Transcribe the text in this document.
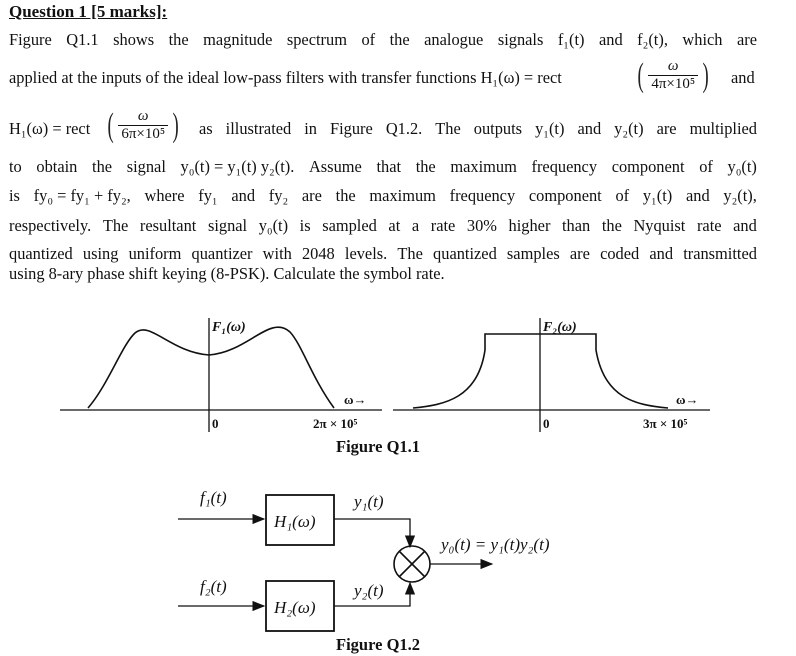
Question 1 [5 marks]:
Figure Q1.1 shows the magnitude spectrum of the analogue signals f₁(t) and f₂(t), which are
applied at the inputs of the ideal low-pass filters with transfer functions H₁(ω) = rect ( $\frac{\omega}{\text{4π×10⁵}}$ ) and
H₁(ω) = rect ( $\frac{\omega}{\text{6π×10⁵}}$ ) as illustrated in Figure Q1.2. The outputs y₁(t) and y₂(t) are multiplied
to obtain the signal y₀(t) = y₁(t) y₂(t). Assume that the maximum frequency component of y₀(t)
is fy₀ = fy₁ + fy₂, where fy₁ and fy₂ are the maximum frequency component of y₁(t) and y₂(t),
respectively. The resultant signal y₀(t) is sampled at a rate 30% higher than the Nyquist rate and
quantized using uniform quantizer with 2048 levels. The quantized samples are coded and transmitted
using 8-ary phase shift keying (8-PSK). Calculate the symbol rate.
F₁(ω)	F₂(ω)
0	0
ω→	ω→
2π × 10⁵	3π × 10⁵
Figure Q1.1
f₁(t)
f₂(t)
H₁(ω)
H₂(ω)
y₁(t)
y₂(t)
y₀(t) = y₁(t)y₂(t)
Figure Q1.2
